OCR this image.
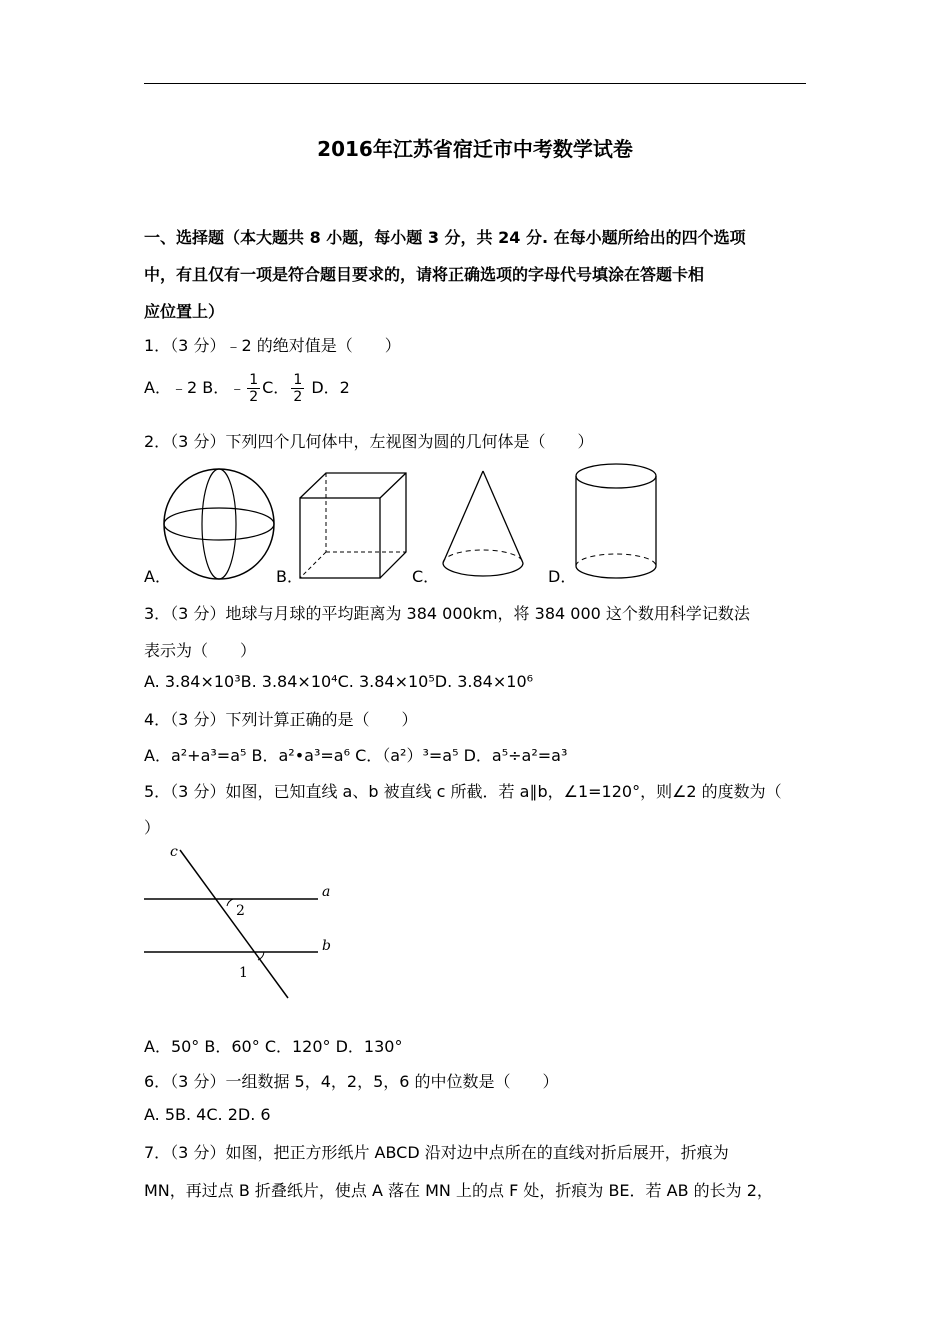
2016年江苏省宿迁市中考数学试卷
一、选择题（本大题共 8 小题，每小题 3 分，共 24 分. 在每小题所给出的四个选项
中，有且仅有一项是符合题目要求的，请将正确选项的字母代号填涂在答题卡相
应位置上）
1．（3 分）﹣2 的绝对值是（　　）
A．﹣2 B．﹣ $\frac{1}{2}$ C． $\frac{1}{2}$ D．2
2．（3 分）下列四个几何体中，左视图为圆的几何体是（　　）
A．	B．	C．	D．
3．（3 分）地球与月球的平均距离为 384 000km，将 384 000 这个数用科学记数法
表示为（　　）
A. 3.84×10³B. 3.84×10⁴C. 3.84×10⁵D. 3.84×10⁶
4．（3 分）下列计算正确的是（　　）
A．a²+a³=a⁵ B．a²•a³=a⁶ C．（a²）³=a⁵ D．a⁵÷a²=a³
5．（3 分）如图，已知直线 a、b 被直线 c 所截．若 a∥b，∠1=120°，则∠2 的度数为（
）
c
a
b
2
1
A．50° B．60° C．120° D．130°
6．（3 分）一组数据 5，4，2，5，6 的中位数是（　　）
A. 5B. 4C. 2D. 6
7．（3 分）如图，把正方形纸片 ABCD 沿对边中点所在的直线对折后展开，折痕为
MN，再过点 B 折叠纸片，使点 A 落在 MN 上的点 F 处，折痕为 BE．若 AB 的长为 2，
